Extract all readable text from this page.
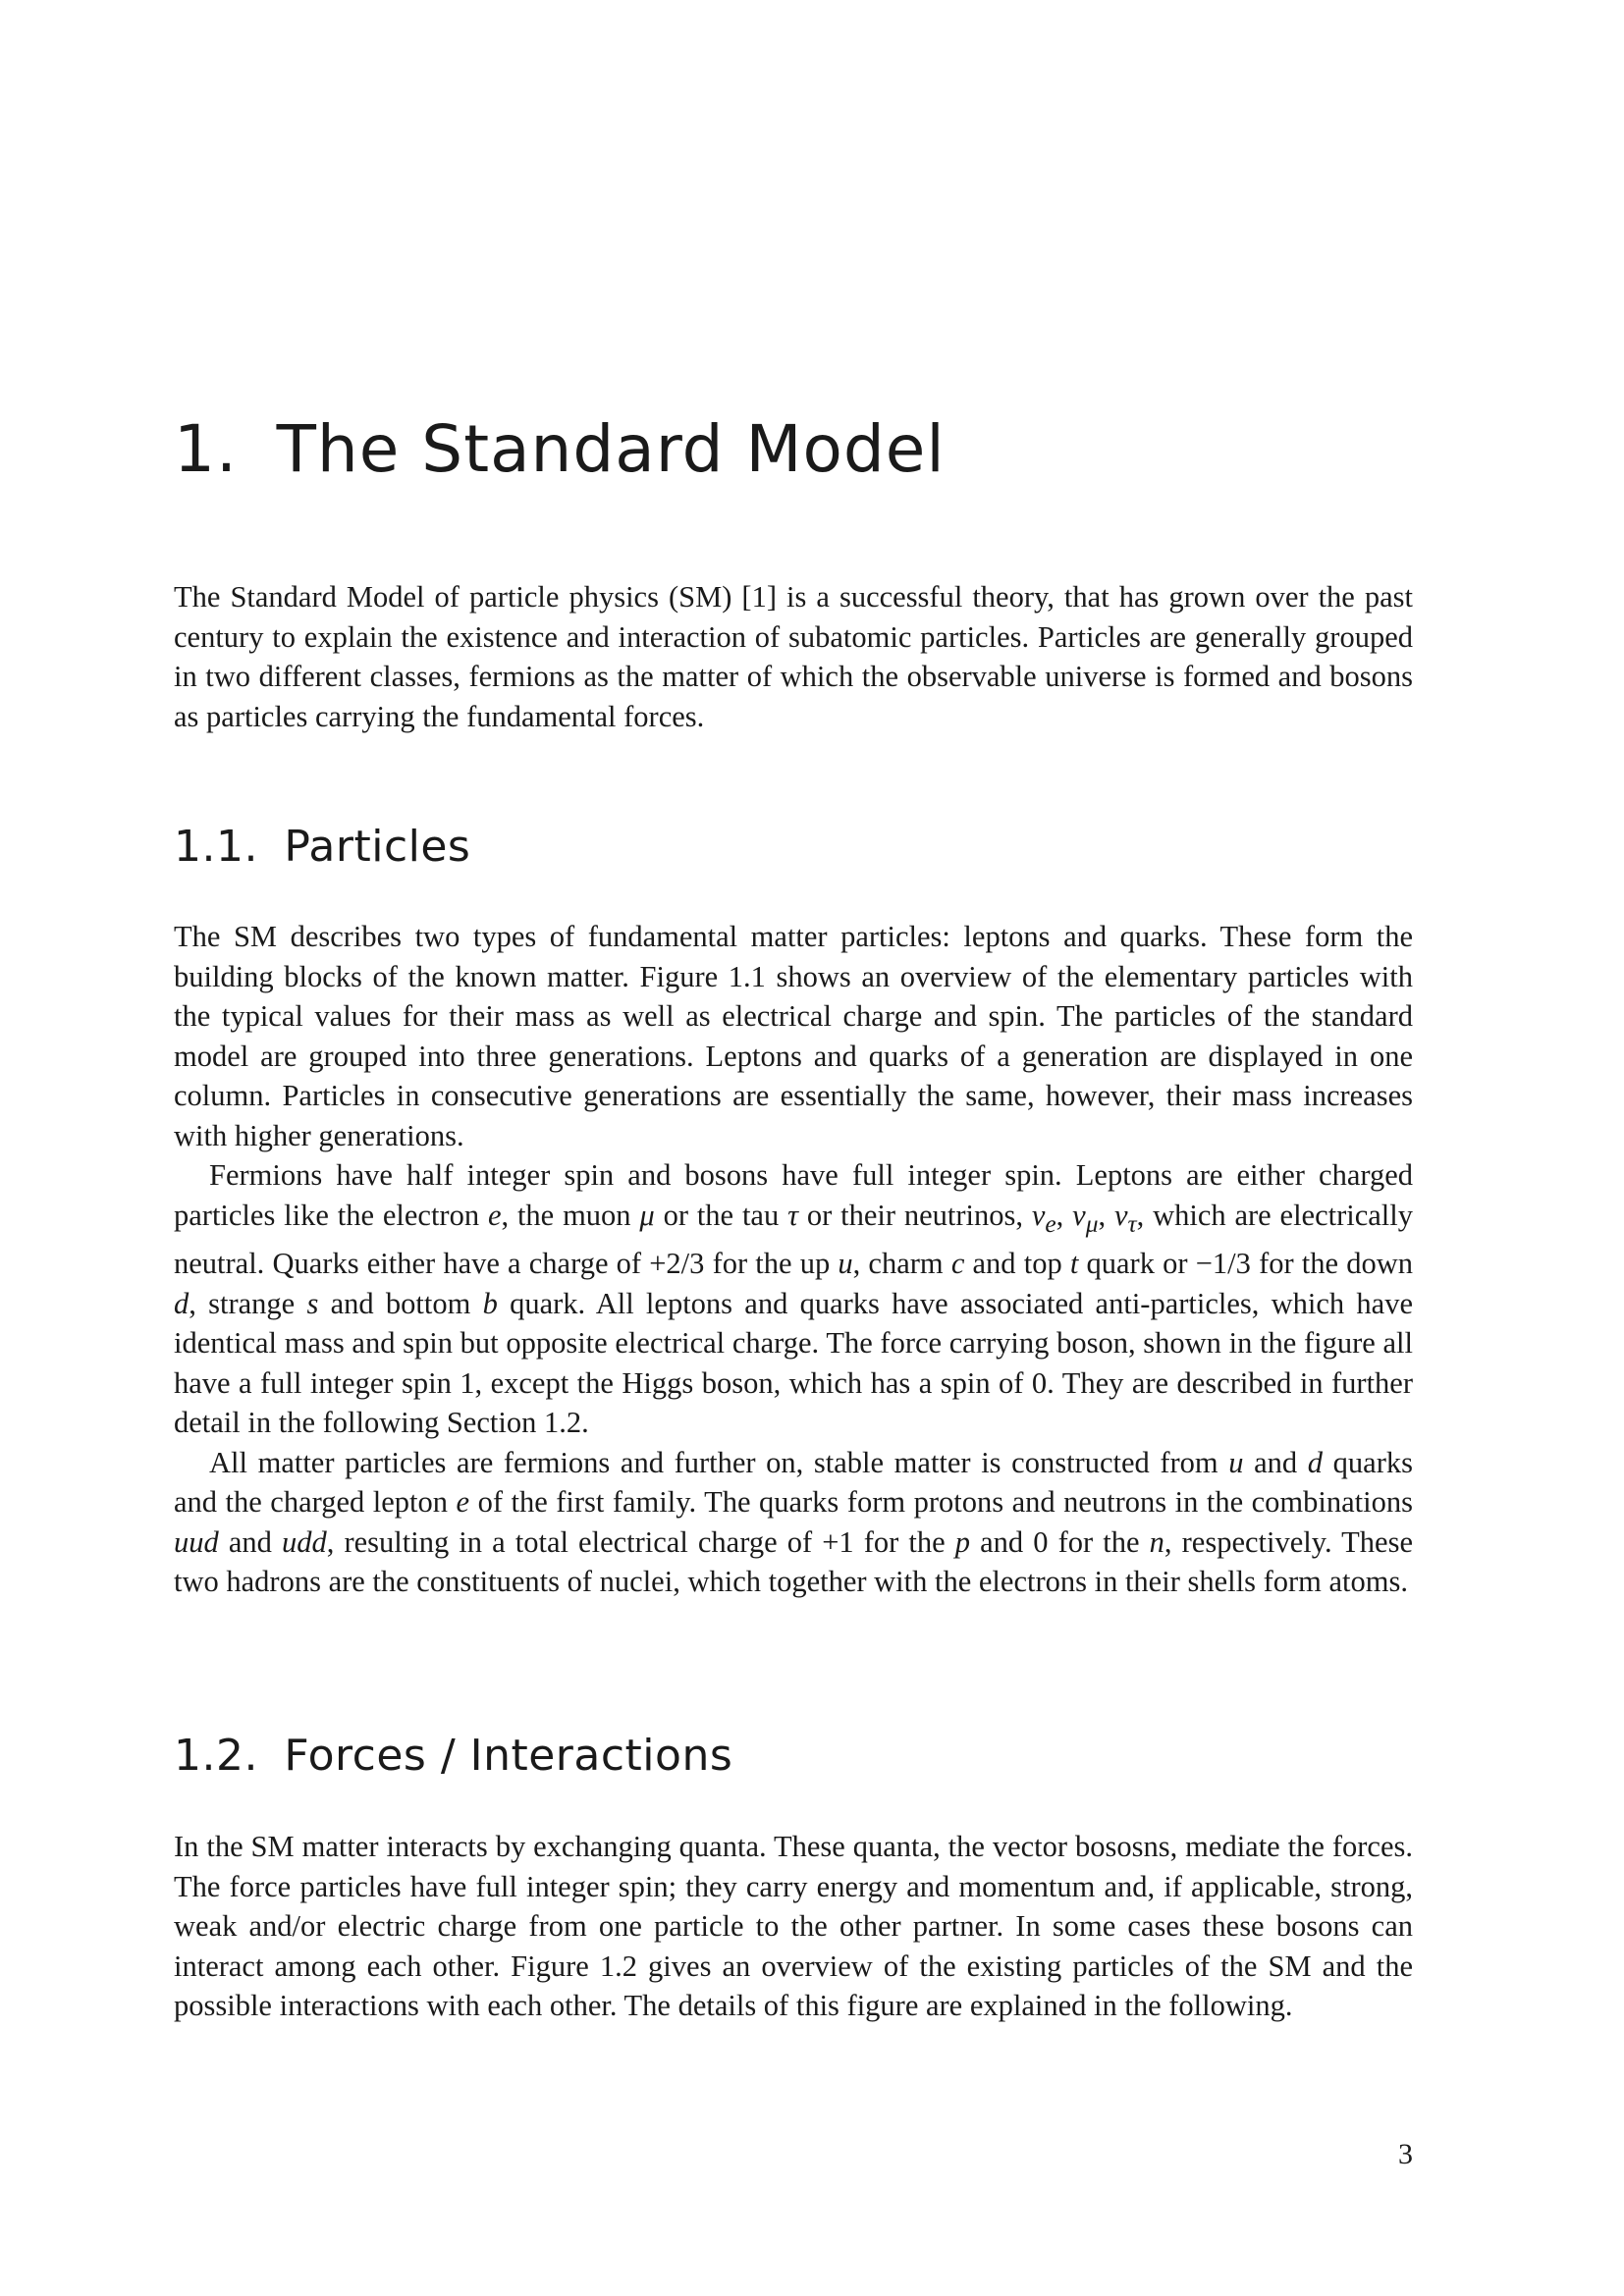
1. The Standard Model

The Standard Model of particle physics (SM) [1] is a successful theory, that has grown over the past century to explain the existence and interaction of subatomic particles. Particles are generally grouped in two different classes, fermions as the matter of which the observable universe is formed and bosons as particles carrying the fundamental forces.

1.1. Particles

The SM describes two types of fundamental matter particles: leptons and quarks. These form the building blocks of the known matter. Figure 1.1 shows an overview of the elementary particles with the typical values for their mass as well as electrical charge and spin. The particles of the standard model are grouped into three generations. Leptons and quarks of a generation are displayed in one column. Particles in consecutive generations are essentially the same, however, their mass increases with higher generations.

Fermions have half integer spin and bosons have full integer spin. Leptons are either charged particles like the electron e, the muon μ or the tau τ or their neutrinos, $\nu_e$, $\nu_\mu$, $\nu_\tau$, which are electrically neutral. Quarks either have a charge of +2/3 for the up u, charm c and top t quark or −1/3 for the down d, strange s and bottom b quark. All leptons and quarks have associated anti-particles, which have identical mass and spin but opposite electrical charge. The force carrying boson, shown in the figure all have a full integer spin 1, except the Higgs boson, which has a spin of 0. They are described in further detail in the following Section 1.2.

All matter particles are fermions and further on, stable matter is constructed from u and d quarks and the charged lepton e of the first family. The quarks form protons and neutrons in the combinations uud and udd, resulting in a total electrical charge of +1 for the p and 0 for the n, respectively. These two hadrons are the constituents of nuclei, which together with the electrons in their shells form atoms.

1.2. Forces / Interactions

In the SM matter interacts by exchanging quanta. These quanta, the vector bososns, mediate the forces. The force particles have full integer spin; they carry energy and momentum and, if applicable, strong, weak and/or electric charge from one particle to the other partner. In some cases these bosons can interact among each other. Figure 1.2 gives an overview of the existing particles of the SM and the possible interactions with each other. The details of this figure are explained in the following.

3
